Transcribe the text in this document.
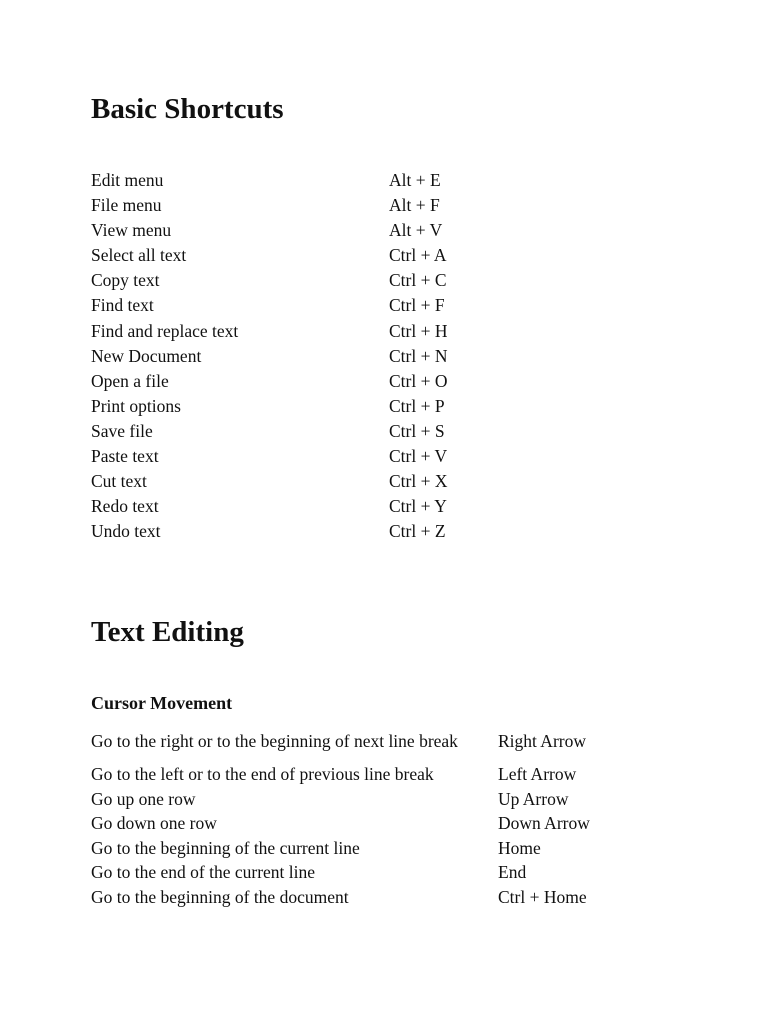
Basic Shortcuts
Edit menu	Alt + E
File menu	Alt + F
View menu	Alt + V
Select all text	Ctrl + A
Copy text	Ctrl + C
Find text	Ctrl + F
Find and replace text	Ctrl + H
New Document	Ctrl + N
Open a file	Ctrl + O
Print options	Ctrl + P
Save file	Ctrl + S
Paste text	Ctrl + V
Cut text	Ctrl + X
Redo text	Ctrl + Y
Undo text	Ctrl + Z
Text Editing
Cursor Movement
Go to the right or to the beginning of next line break Right Arrow
Go to the left or to the end of previous line break	Left Arrow
Go up one row	Up Arrow
Go down one row	Down Arrow
Go to the beginning of the current line	Home
Go to the end of the current line	End
Go to the beginning of the document	Ctrl + Home
